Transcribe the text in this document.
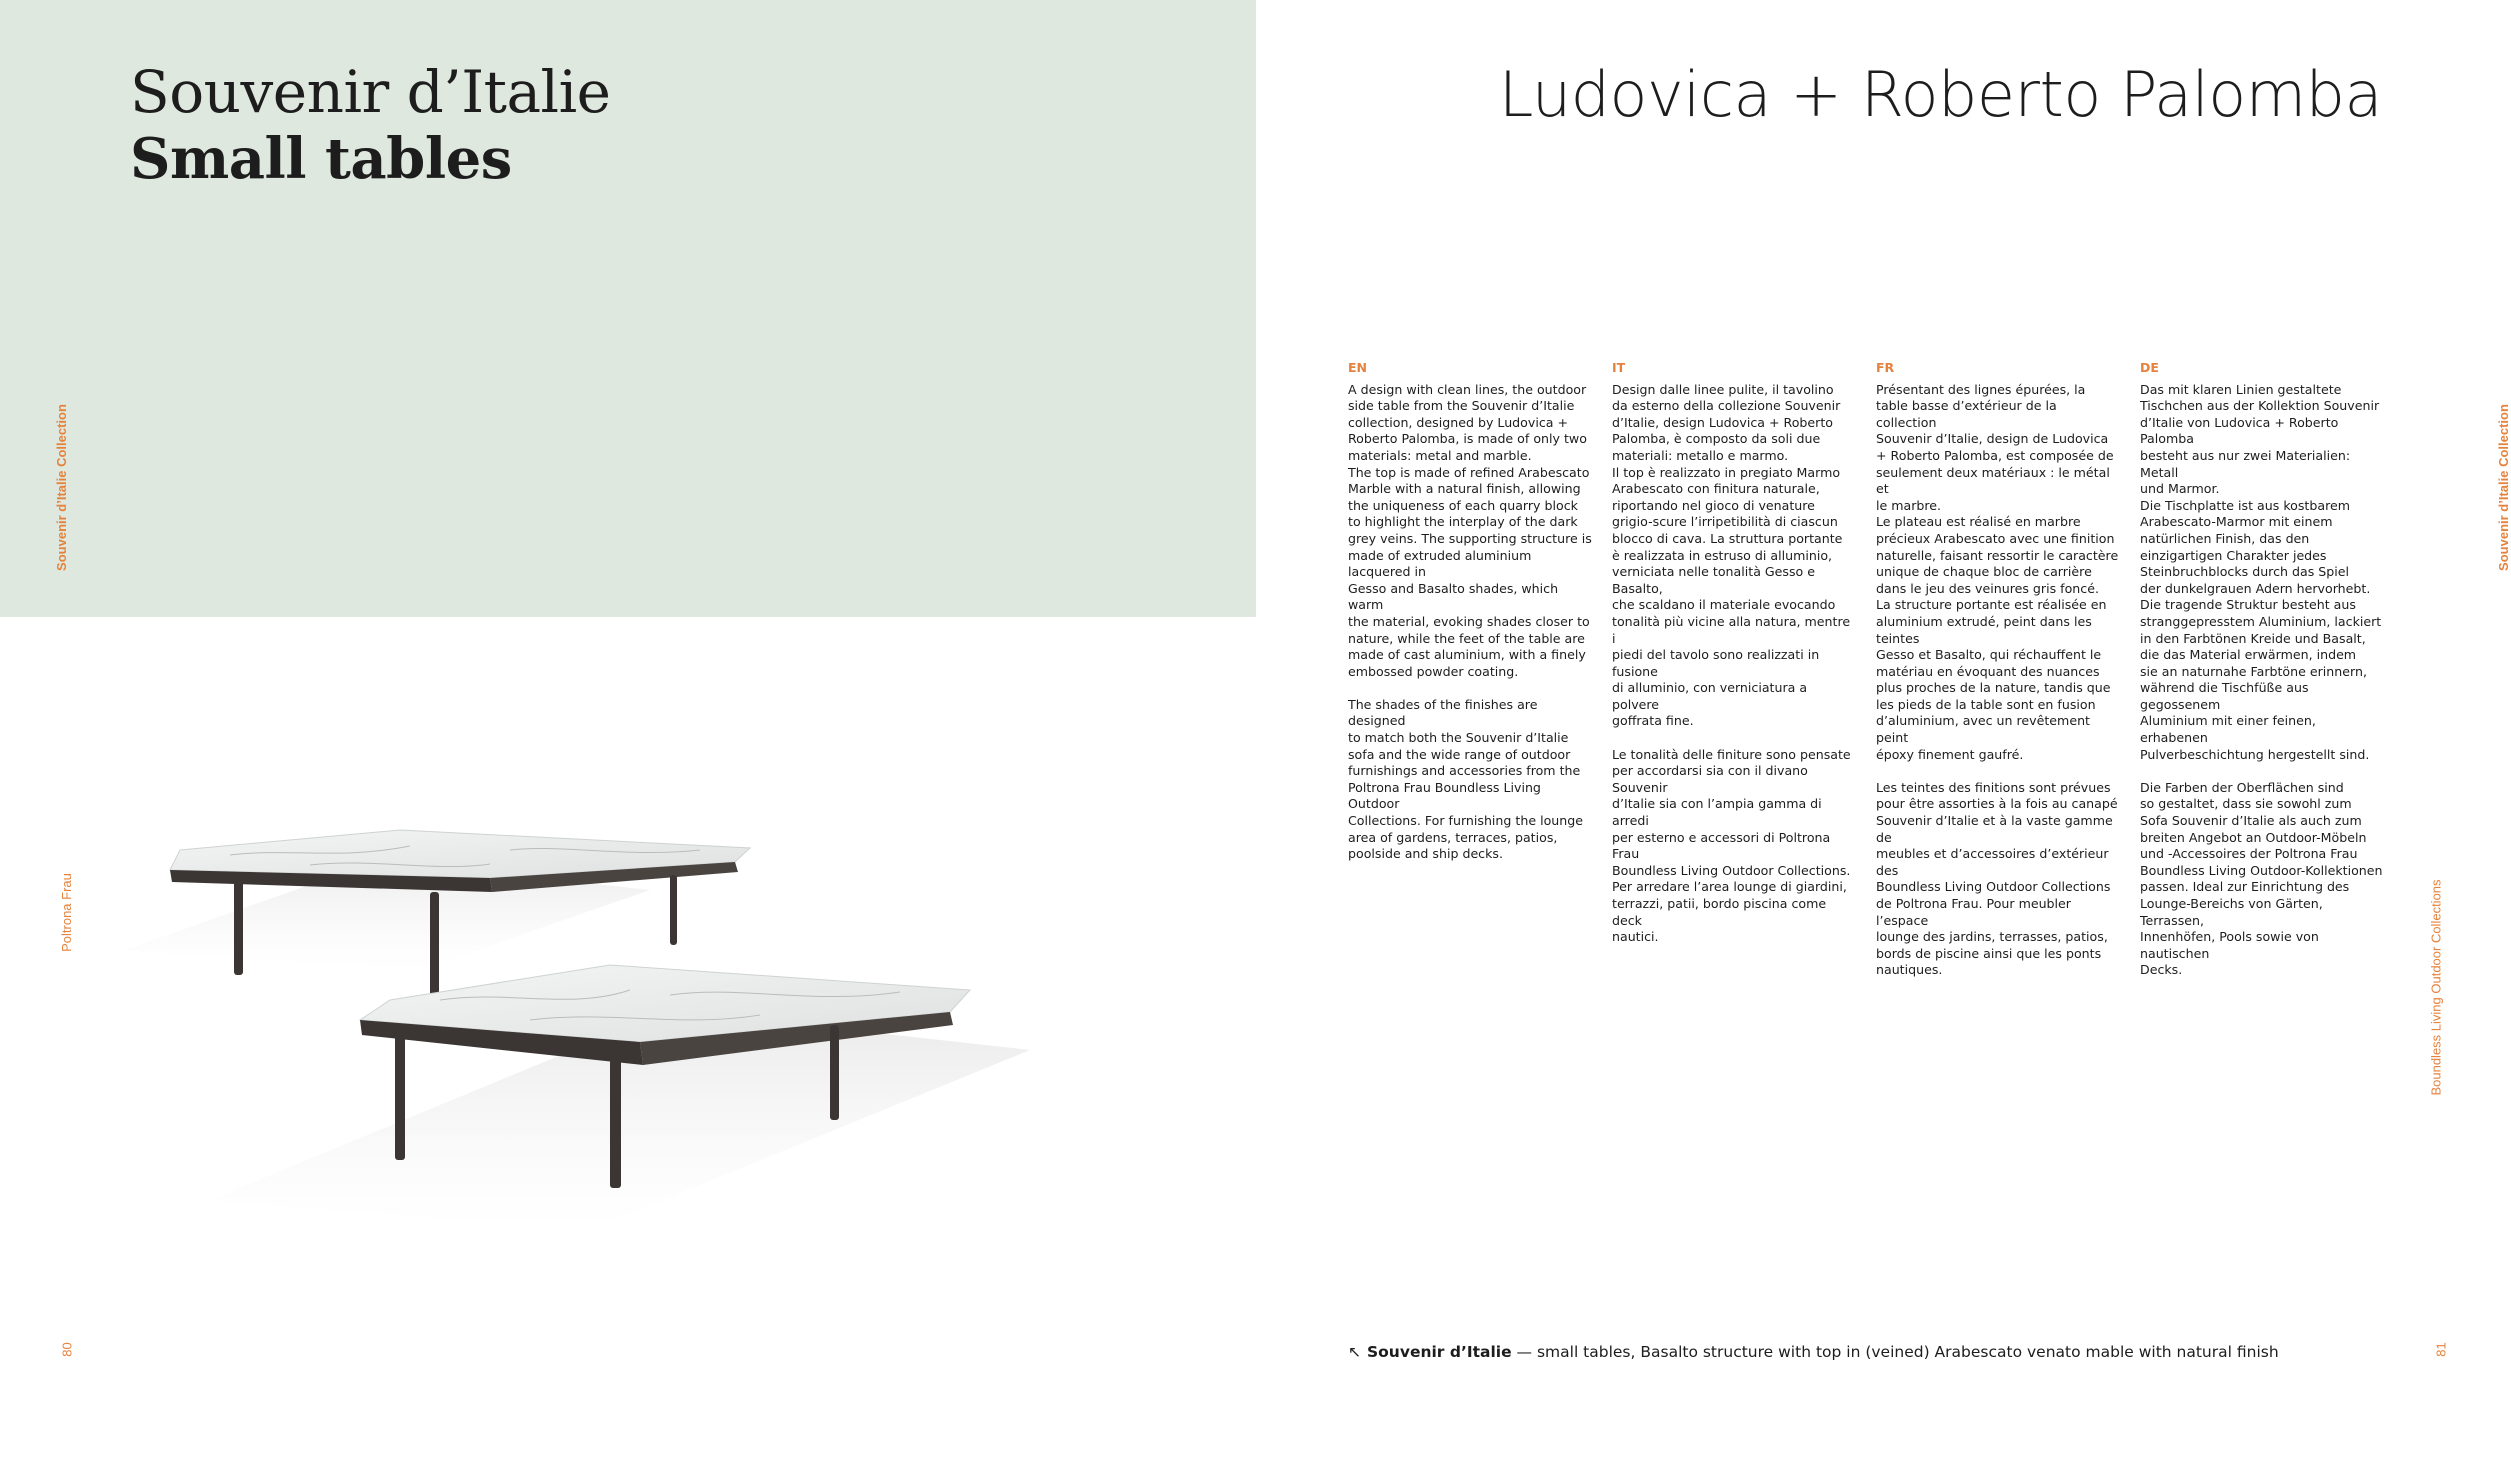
Souvenir d’Italie
Small tables
Ludovica + Roberto Palomba
Souvenir d’Italie Collection
Poltrona Frau
Souvenir d’Italie Collection
Boundless Living Outdoor Collections
EN

A design with clean lines, the outdoor
side table from the Souvenir d’Italie
collection, designed by Ludovica +
Roberto Palomba, is made of only two
materials: metal and marble.
The top is made of refined Arabescato
Marble with a natural finish, allowing
the uniqueness of each quarry block
to highlight the interplay of the dark
grey veins. The supporting structure is
made of extruded aluminium lacquered in
Gesso and Basalto shades, which warm
the material, evoking shades closer to
nature, while the feet of the table are
made of cast aluminium, with a finely
embossed powder coating.

The shades of the finishes are designed
to match both the Souvenir d’Italie
sofa and the wide range of outdoor
furnishings and accessories from the
Poltrona Frau Boundless Living Outdoor
Collections. For furnishing the lounge
area of gardens, terraces, patios,
poolside and ship decks.

IT

Design dalle linee pulite, il tavolino
da esterno della collezione Souvenir
d’Italie, design Ludovica + Roberto
Palomba, è composto da soli due
materiali: metallo e marmo.
Il top è realizzato in pregiato Marmo
Arabescato con finitura naturale,
riportando nel gioco di venature
grigio-scure l’irripetibilità di ciascun
blocco di cava. La struttura portante
è realizzata in estruso di alluminio,
verniciata nelle tonalità Gesso e Basalto,
che scaldano il materiale evocando
tonalità più vicine alla natura, mentre i
piedi del tavolo sono realizzati in fusione
di alluminio, con verniciatura a polvere
goffrata fine.

Le tonalità delle finiture sono pensate
per accordarsi sia con il divano Souvenir
d’Italie sia con l’ampia gamma di arredi
per esterno e accessori di Poltrona Frau
Boundless Living Outdoor Collections.
Per arredare l’area lounge di giardini,
terrazzi, patii, bordo piscina come deck
nautici.

FR

Présentant des lignes épurées, la
table basse d’extérieur de la collection
Souvenir d’Italie, design de Ludovica
+ Roberto Palomba, est composée de
seulement deux matériaux : le métal et
le marbre.
Le plateau est réalisé en marbre
précieux Arabescato avec une finition
naturelle, faisant ressortir le caractère
unique de chaque bloc de carrière
dans le jeu des veinures gris foncé.
La structure portante est réalisée en
aluminium extrudé, peint dans les teintes
Gesso et Basalto, qui réchauffent le
matériau en évoquant des nuances
plus proches de la nature, tandis que
les pieds de la table sont en fusion
d’aluminium, avec un revêtement peint
époxy finement gaufré.

Les teintes des finitions sont prévues
pour être assorties à la fois au canapé
Souvenir d’Italie et à la vaste gamme de
meubles et d’accessoires d’extérieur des
Boundless Living Outdoor Collections
de Poltrona Frau. Pour meubler l’espace
lounge des jardins, terrasses, patios,
bords de piscine ainsi que les ponts
nautiques.

DE

Das mit klaren Linien gestaltete
Tischchen aus der Kollektion Souvenir
d’Italie von Ludovica + Roberto Palomba
besteht aus nur zwei Materialien: Metall
und Marmor.
Die Tischplatte ist aus kostbarem
Arabescato-Marmor mit einem
natürlichen Finish, das den
einzigartigen Charakter jedes
Steinbruchblocks durch das Spiel
der dunkelgrauen Adern hervorhebt.
Die tragende Struktur besteht aus
stranggepresstem Aluminium, lackiert
in den Farbtönen Kreide und Basalt,
die das Material erwärmen, indem
sie an naturnahe Farbtöne erinnern,
während die Tischfüße aus gegossenem
Aluminium mit einer feinen, erhabenen
Pulverbeschichtung hergestellt sind.

Die Farben der Oberflächen sind
so gestaltet, dass sie sowohl zum
Sofa Souvenir d’Italie als auch zum
breiten Angebot an Outdoor-Möbeln
und -Accessoires der Poltrona Frau
Boundless Living Outdoor-Kollektionen
passen. Ideal zur Einrichtung des
Lounge-Bereichs von Gärten, Terrassen,
Innenhöfen, Pools sowie von nautischen
Decks.

↖ Souvenir d’Italie — small tables, Basalto structure with top in (veined) Arabescato venato mable with natural finish
80	81
